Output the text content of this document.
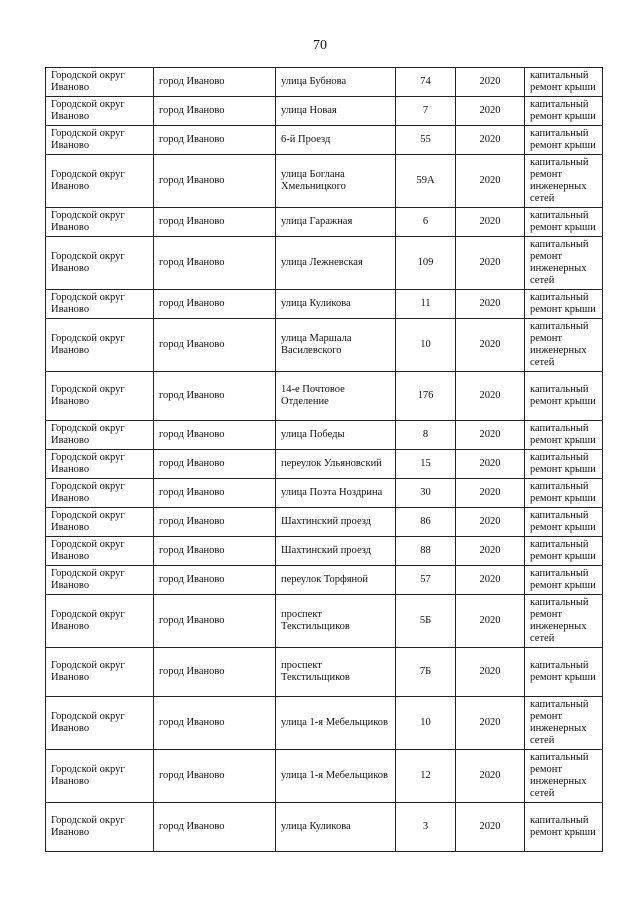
70
Городской округ Иваново	город Иваново	улица Бубнова	74	2020	капитальный ремонт крыши
Городской округ Иваново	город Иваново	улица Новая	7	2020	капитальный ремонт крыши
Городской округ Иваново	город Иваново	6-й Проезд	55	2020	капитальный ремонт крыши
Городской округ Иваново	город Иваново	улица Боглана Хмельницкого	59А	2020	капитальный ремонт инженерных сетей
Городской округ Иваново	город Иваново	улица Гаражная	6	2020	капитальный ремонт крыши
Городской округ Иваново	город Иваново	улица Лежневская	109	2020	капитальный ремонт инженерных сетей
Городской округ Иваново	город Иваново	улица Куликова	11	2020	капитальный ремонт крыши
Городской округ Иваново	город Иваново	улица Маршала Василевского	10	2020	капитальный ремонт инженерных сетей
Городской округ Иваново	город Иваново	14-е Почтовое Отделение	176	2020	капитальный ремонт крыши
Городской округ Иваново	город Иваново	улица Победы	8	2020	капитальный ремонт крыши
Городской округ Иваново	город Иваново	переулок Ульяновский	15	2020	капитальный ремонт крыши
Городской округ Иваново	город Иваново	улица Поэта Ноздрина	30	2020	капитальный ремонт крыши
Городской округ Иваново	город Иваново	Шахтинский проезд	86	2020	капитальный ремонт крыши
Городской округ Иваново	город Иваново	Шахтинский проезд	88	2020	капитальный ремонт крыши
Городской округ Иваново	город Иваново	переулок Торфяной	57	2020	капитальный ремонт крыши
Городской округ Иваново	город Иваново	проспект Текстильщиков	5Б	2020	капитальный ремонт инженерных сетей
Городской округ Иваново	город Иваново	проспект Текстильщиков	7Б	2020	капитальный ремонт крыши
Городской округ Иваново	город Иваново	улица 1-я Мебельщиков	10	2020	капитальный ремонт инженерных сетей
Городской округ Иваново	город Иваново	улица 1-я Мебельщиков	12	2020	капитальный ремонт инженерных сетей
Городской округ Иваново	город Иваново	улица Куликова	3	2020	капитальный ремонт крыши
